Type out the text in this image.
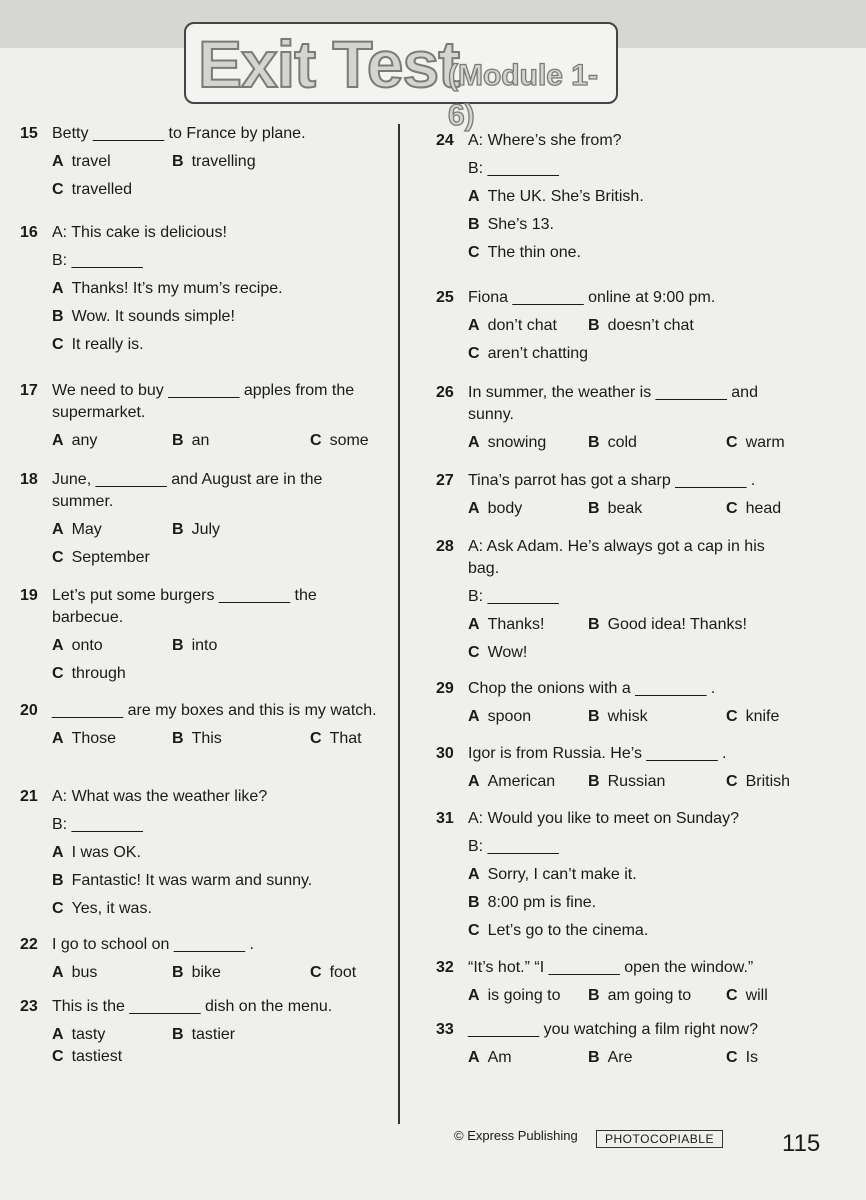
Exit Test
(Module 1-6)
15 Betty ________ to France by plane.
A travel	B travelling
C travelled
16 A: This cake is delicious!
B: ________
A Thanks! It’s my mum’s recipe.
B Wow. It sounds simple!
C It really is.
17 We need to buy ________ apples from the supermarket.
A any	B an	C some
18 June, ________ and August are in the summer.
A May	B July
C September
19 Let’s put some burgers ________ the barbecue.
A onto	B into
C through
20 ________ are my boxes and this is my watch.
A Those	B This	C That
21 A: What was the weather like?
B: ________
A I was OK.
B Fantastic! It was warm and sunny.
C Yes, it was.
22 I go to school on ________ .
A bus	B bike	C foot
23 This is the ________ dish on the menu.
A tasty	B tastier
C tastiest
24 A: Where’s she from?
B: ________
A The UK. She’s British.
B She’s 13.
C The thin one.
25 Fiona ________ online at 9:00 pm.
A don’t chat B doesn’t chat
C aren’t chatting
26 In summer, the weather is ________ and sunny.
A snowing	B cold	C warm
27 Tina’s parrot has got a sharp ________ .
A body	B beak	C head
28 A: Ask Adam. He’s always got a cap in his bag.
B: ________
A Thanks!	B Good idea! Thanks!
C Wow!
29 Chop the onions with a ________ .
A spoon	B whisk	C knife
30 Igor is from Russia. He’s ________ .
A American B Russian	C British
31 A: Would you like to meet on Sunday?
B: ________
A Sorry, I can’t make it.
B 8:00 pm is fine.
C Let’s go to the cinema.
32 “It’s hot.” “I ________ open the window.”
A is going to B am going to C will
33 ________ you watching a film right now?
A Am	B Are	C Is
© Express Publishing	PHOTOCOPIABLE	115
